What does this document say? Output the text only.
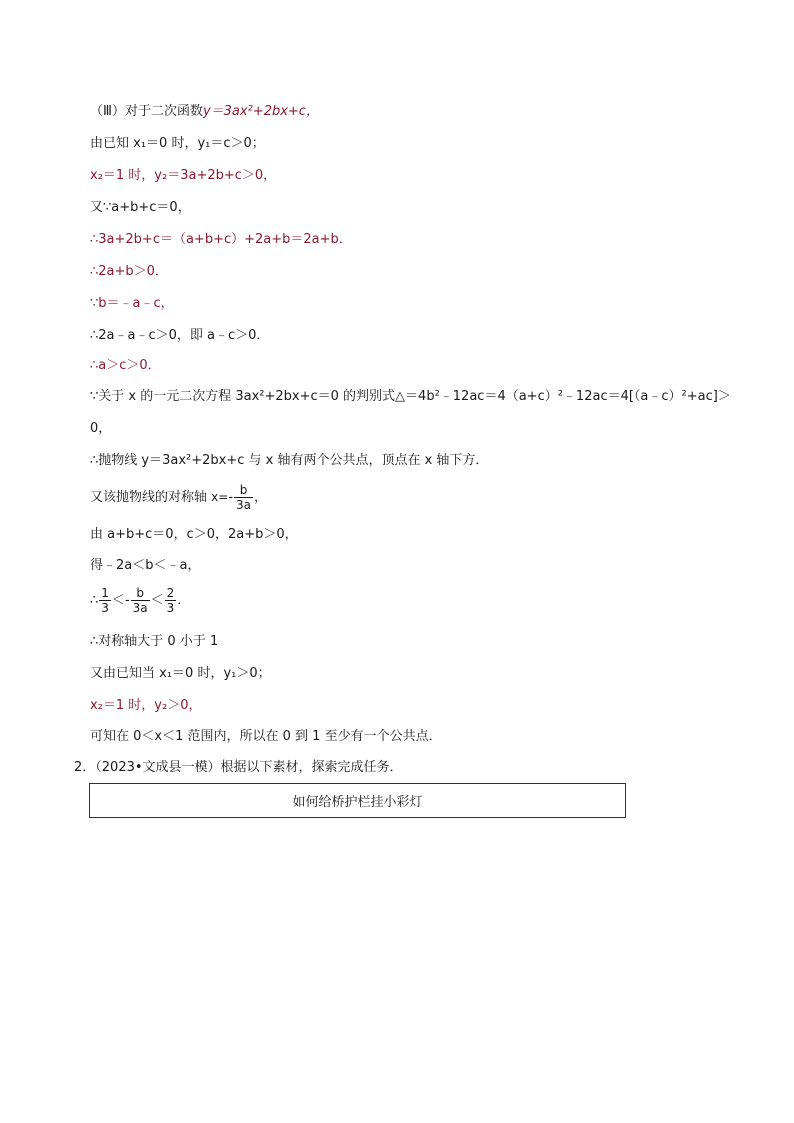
（Ⅲ）对于二次函数y＝3ax²+2bx+c，
由已知 x₁＝0 时，y₁＝c＞0；
x₂＝1 时，y₂＝3a+2b+c＞0，
又∵a+b+c＝0，
∴3a+2b+c＝（a+b+c）+2a+b＝2a+b．
∴2a+b＞0．
∵b＝﹣a﹣c，
∴2a﹣a﹣c＞0，即 a﹣c＞0．
∴a＞c＞0．
∵关于 x 的一元二次方程 3ax²+2bx+c＝0 的判别式△＝4b²﹣12ac＝4（a+c）²﹣12ac＝4[（a﹣c）²+ac]＞
0，
∴抛物线 y＝3ax²+2bx+c 与 x 轴有两个公共点，顶点在 x 轴下方．
又该抛物线的对称轴 $x=- \frac{b}{3a}$ ，
由 a+b+c＝0，c＞0，2a+b＞0，
得﹣2a＜b＜﹣a，
∴ $\frac{1}{3} <- \frac{b}{3a} < \frac{2}{3}$ ．
∴对称轴大于 0 小于 1
又由已知当 x₁＝0 时，y₁＞0；
x₂＝1 时，y₂＞0，
可知在 0＜x＜1 范围内，所以在 0 到 1 至少有一个公共点．
2．（2023•文成县一模）根据以下素材，探索完成任务．
如何给桥护栏挂小彩灯
